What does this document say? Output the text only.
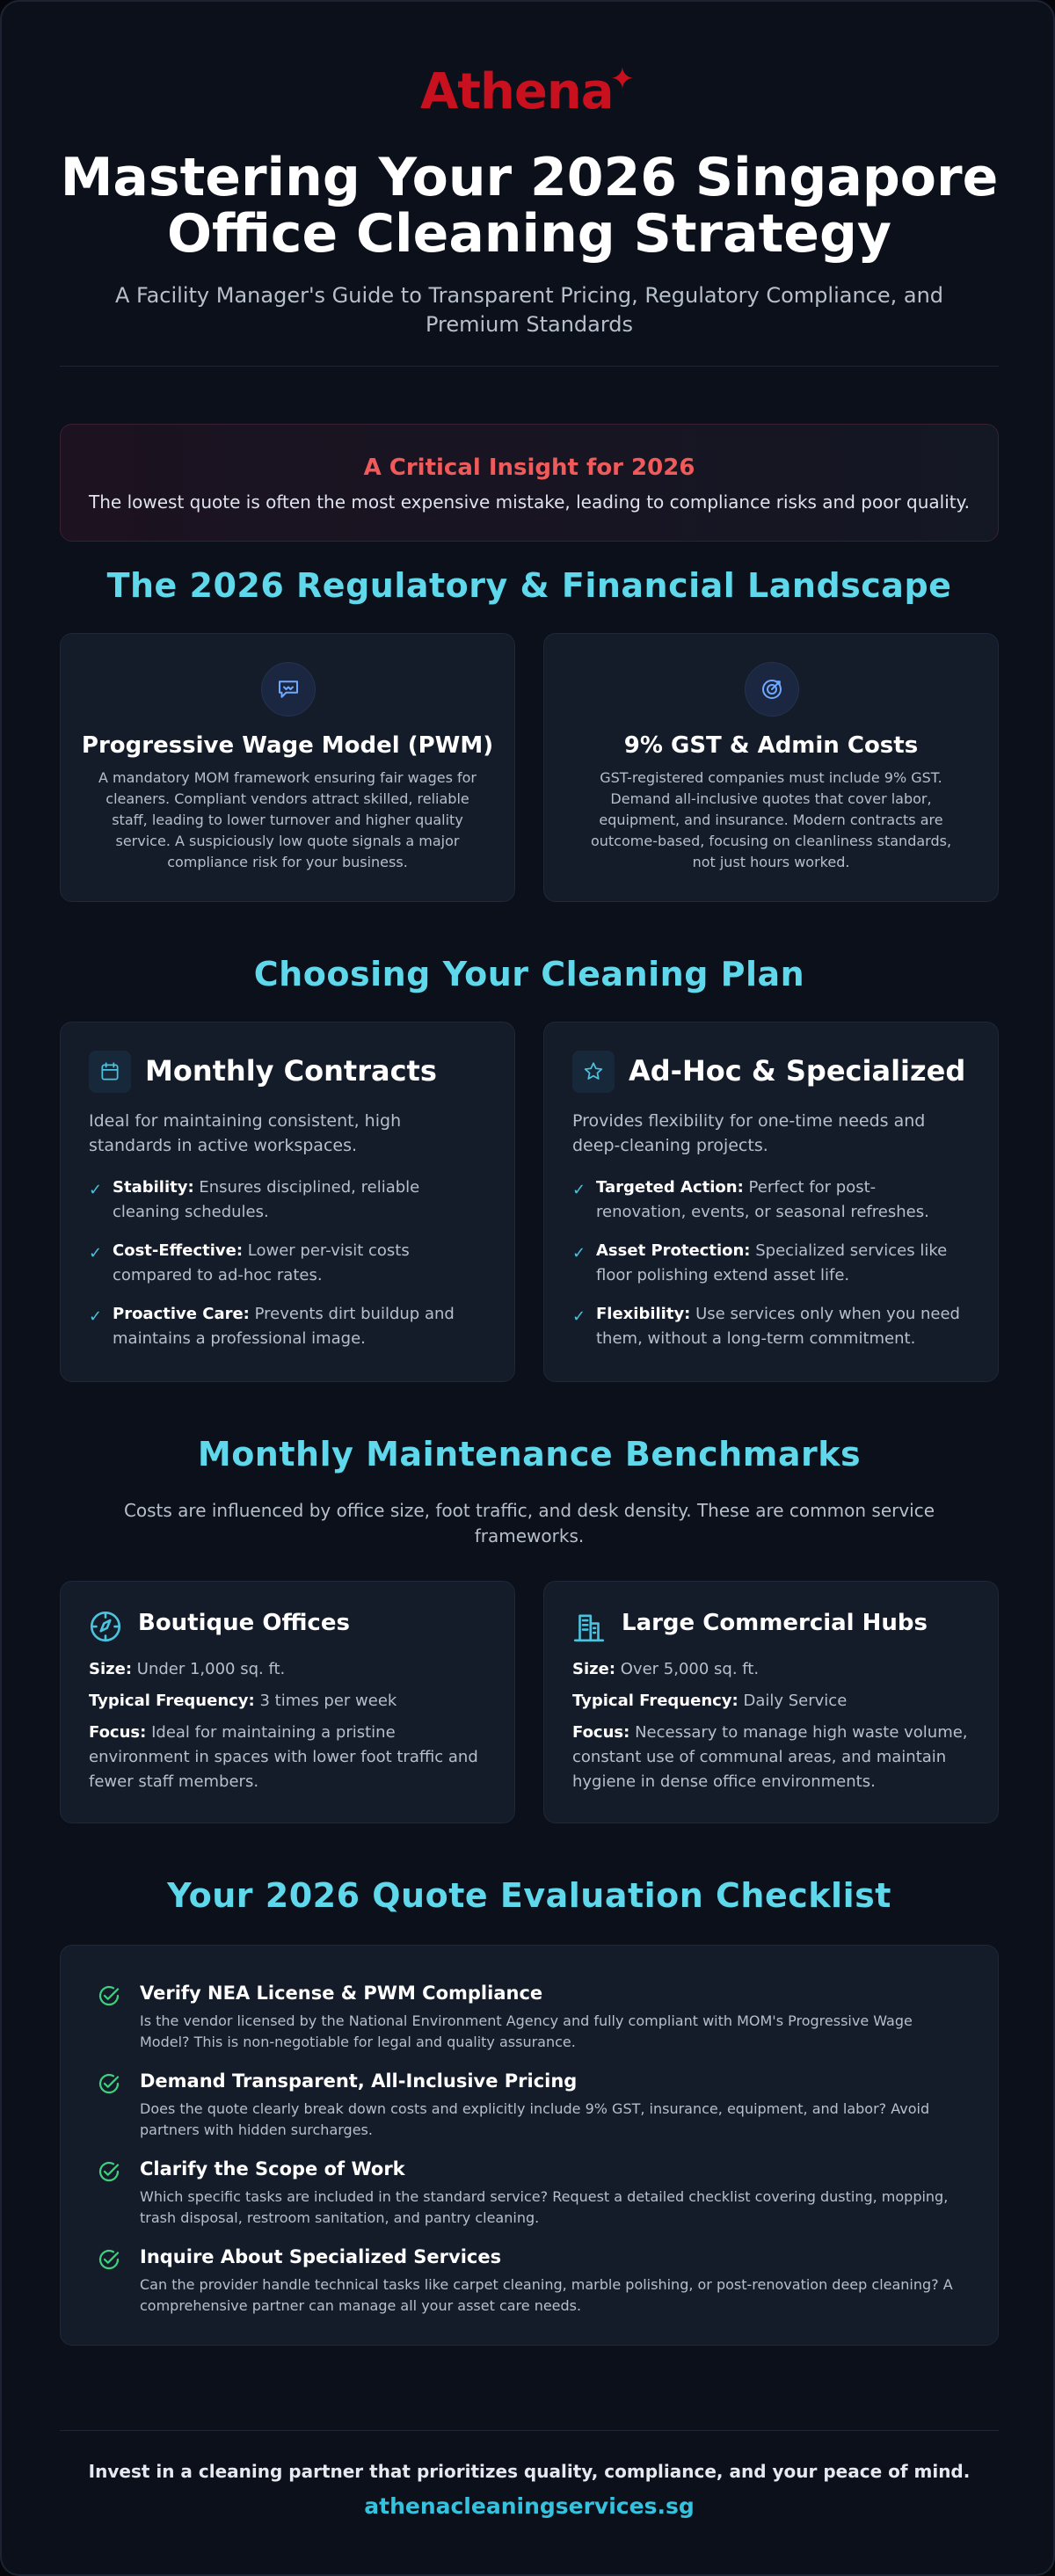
Athena✦
Mastering Your 2026 Singapore Office Cleaning Strategy
A Facility Manager's Guide to Transparent Pricing, Regulatory Compliance, and Premium Standards
A Critical Insight for 2026
The lowest quote is often the most expensive mistake, leading to compliance risks and poor quality.
The 2026 Regulatory & Financial Landscape
Progressive Wage Model (PWM)
A mandatory MOM framework ensuring fair wages for cleaners. Compliant vendors attract skilled, reliable staff, leading to lower turnover and higher quality service. A suspiciously low quote signals a major compliance risk for your business.
9% GST & Admin Costs
GST-registered companies must include 9% GST. Demand all-inclusive quotes that cover labor, equipment, and insurance. Modern contracts are outcome-based, focusing on cleanliness standards, not just hours worked.
Choosing Your Cleaning Plan
Monthly Contracts
Ideal for maintaining consistent, high standards in active workspaces.
✓ Stability: Ensures disciplined, reliable cleaning schedules.
✓ Cost-Effective: Lower per-visit costs compared to ad-hoc rates.
✓ Proactive Care: Prevents dirt buildup and maintains a professional image.
Ad-Hoc & Specialized
Provides flexibility for one-time needs and deep-cleaning projects.
✓ Targeted Action: Perfect for post-renovation, events, or seasonal refreshes.
✓ Asset Protection: Specialized services like floor polishing extend asset life.
✓ Flexibility: Use services only when you need them, without a long-term commitment.
Monthly Maintenance Benchmarks
Costs are influenced by office size, foot traffic, and desk density. These are common service frameworks.
Boutique Offices
Size: Under 1,000 sq. ft.
Typical Frequency: 3 times per week
Focus: Ideal for maintaining a pristine environment in spaces with lower foot traffic and fewer staff members.
Large Commercial Hubs
Size: Over 5,000 sq. ft.
Typical Frequency: Daily Service
Focus: Necessary to manage high waste volume, constant use of communal areas, and maintain hygiene in dense office environments.
Your 2026 Quote Evaluation Checklist
Verify NEA License & PWM Compliance
Is the vendor licensed by the National Environment Agency and fully compliant with MOM's Progressive Wage Model? This is non-negotiable for legal and quality assurance.
Demand Transparent, All-Inclusive Pricing
Does the quote clearly break down costs and explicitly include 9% GST, insurance, equipment, and labor? Avoid partners with hidden surcharges.
Clarify the Scope of Work
Which specific tasks are included in the standard service? Request a detailed checklist covering dusting, mopping, trash disposal, restroom sanitation, and pantry cleaning.
Inquire About Specialized Services
Can the provider handle technical tasks like carpet cleaning, marble polishing, or post-renovation deep cleaning? A comprehensive partner can manage all your asset care needs.
Invest in a cleaning partner that prioritizes quality, compliance, and your peace of mind.
athenacleaningservices.sg
